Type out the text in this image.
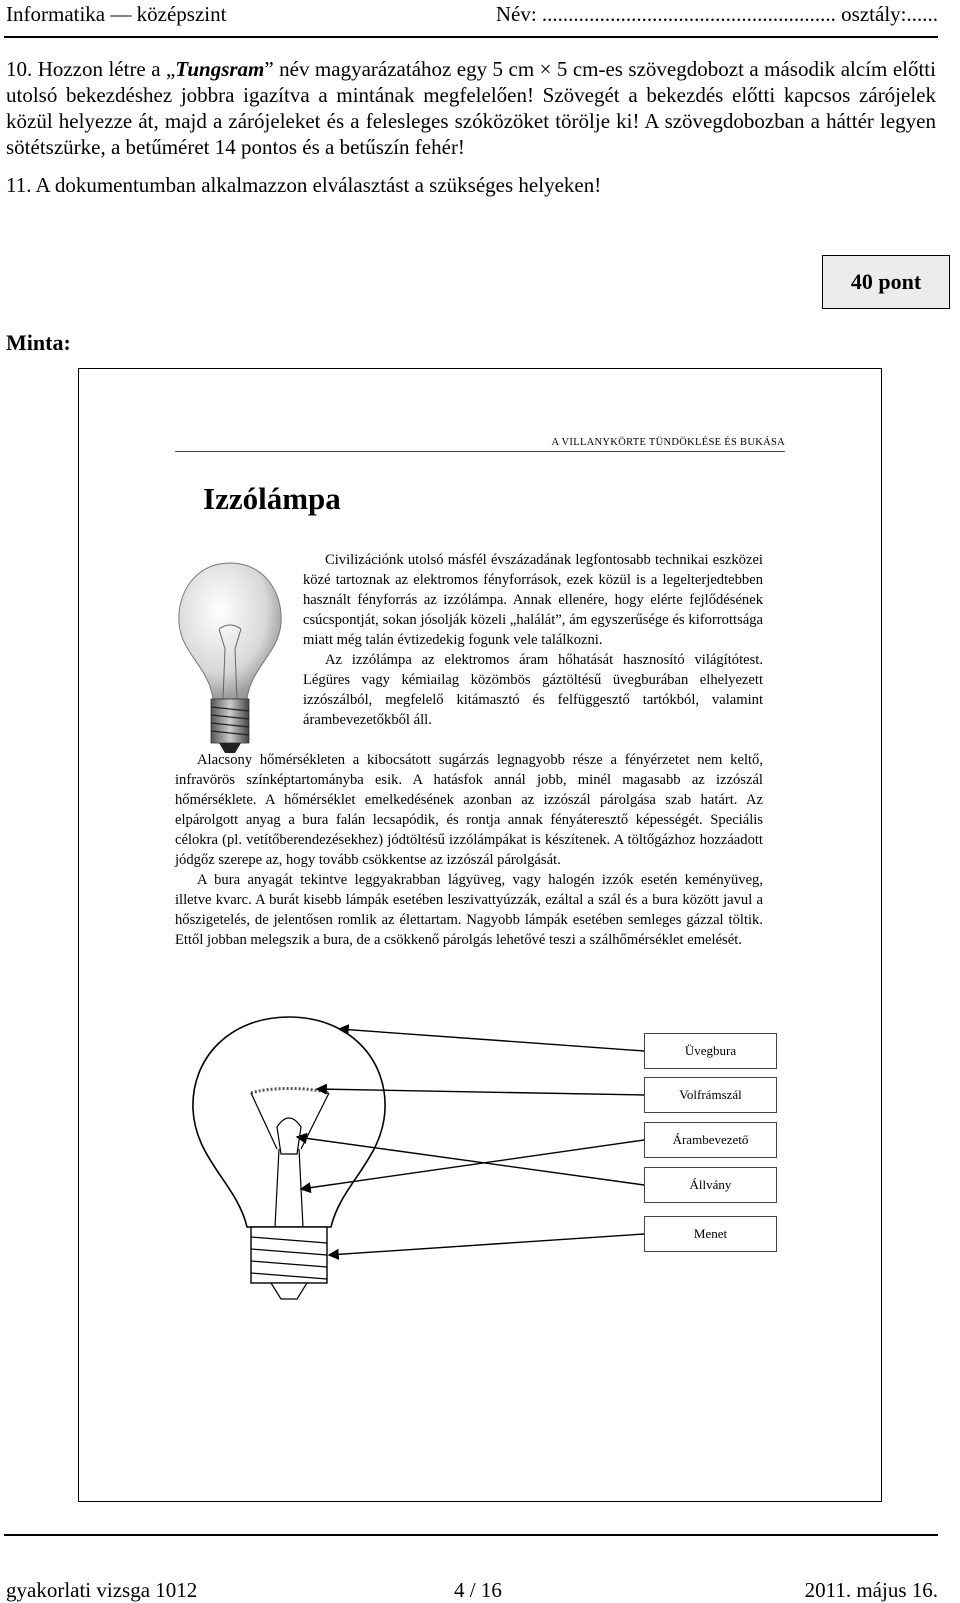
Informatika — középszint	Név: ........................................................ osztály:......

10. Hozzon létre a „Tungsram” név magyarázatához egy 5 cm × 5 cm-es szövegdobozt a második alcím előtti utolsó bekezdéshez jobbra igazítva a mintának megfelelően! Szövegét a bekezdés előtti kapcsos zárójelek közül helyezze át, majd a zárójeleket és a felesleges szóközöket törölje ki! A szövegdobozban a háttér legyen sötétszürke, a betűméret 14 pontos és a betűszín fehér!

11. A dokumentumban alkalmazzon elválasztást a szükséges helyeken!

40 pont
Minta:
A VILLANYKÖRTE TÜNDÖKLÉSE ÉS BUKÁSA
Izzólámpa

Civilizációnk utolsó másfél évszázadának legfontosabb technikai eszközei közé tartoznak az elektromos fényforrások, ezek közül is a legelterjedtebben használt fényforrás az izzólámpa. Annak ellenére, hogy elérte fejlődésének csúcspontját, sokan jósolják közeli „halálát”, ám egyszerűsége és kiforrottsága miatt még talán évtizedekig fogunk vele találkozni.

Az izzólámpa az elektromos áram hőhatását hasznosító világítótest. Légüres vagy kémiailag közömbös gáztöltésű üvegburában elhelyezett izzószálból, megfelelő kitámasztó és felfüggesztő tartókból, valamint árambevezetőkből áll.

Alacsony hőmérsékleten a kibocsátott sugárzás legnagyobb része a fényérzetet nem keltő, infravörös színképtartományba esik. A hatásfok annál jobb, minél magasabb az izzószál hőmérséklete. A hőmérséklet emelkedésének azonban az izzószál párolgása szab határt. Az elpárolgott anyag a bura falán lecsapódik, és rontja annak fényáteresztő képességét. Speciális célokra (pl. vetítőberendezésekhez) jódtöltésű izzólámpákat is készítenek. A töltőgázhoz hozzáadott jódgőz szerepe az, hogy tovább csökkentse az izzószál párolgását.

A bura anyagát tekintve leggyakrabban lágyüveg, vagy halogén izzók esetén keményüveg, illetve kvarc. A burát kisebb lámpák esetében leszivattyúzzák, ezáltal a szál és a bura között javul a hőszigetelés, de jelentősen romlik az élettartam. Nagyobb lámpák esetében semleges gázzal töltik. Ettől jobban melegszik a bura, de a csökkenő párolgás lehetővé teszi a szálhőmérséklet emelését.

Üvegbura
Volfrámszál
Árambevezető
Állvány
Menet
gyakorlati vizsga 1012	4 / 16	2011. május 16.
